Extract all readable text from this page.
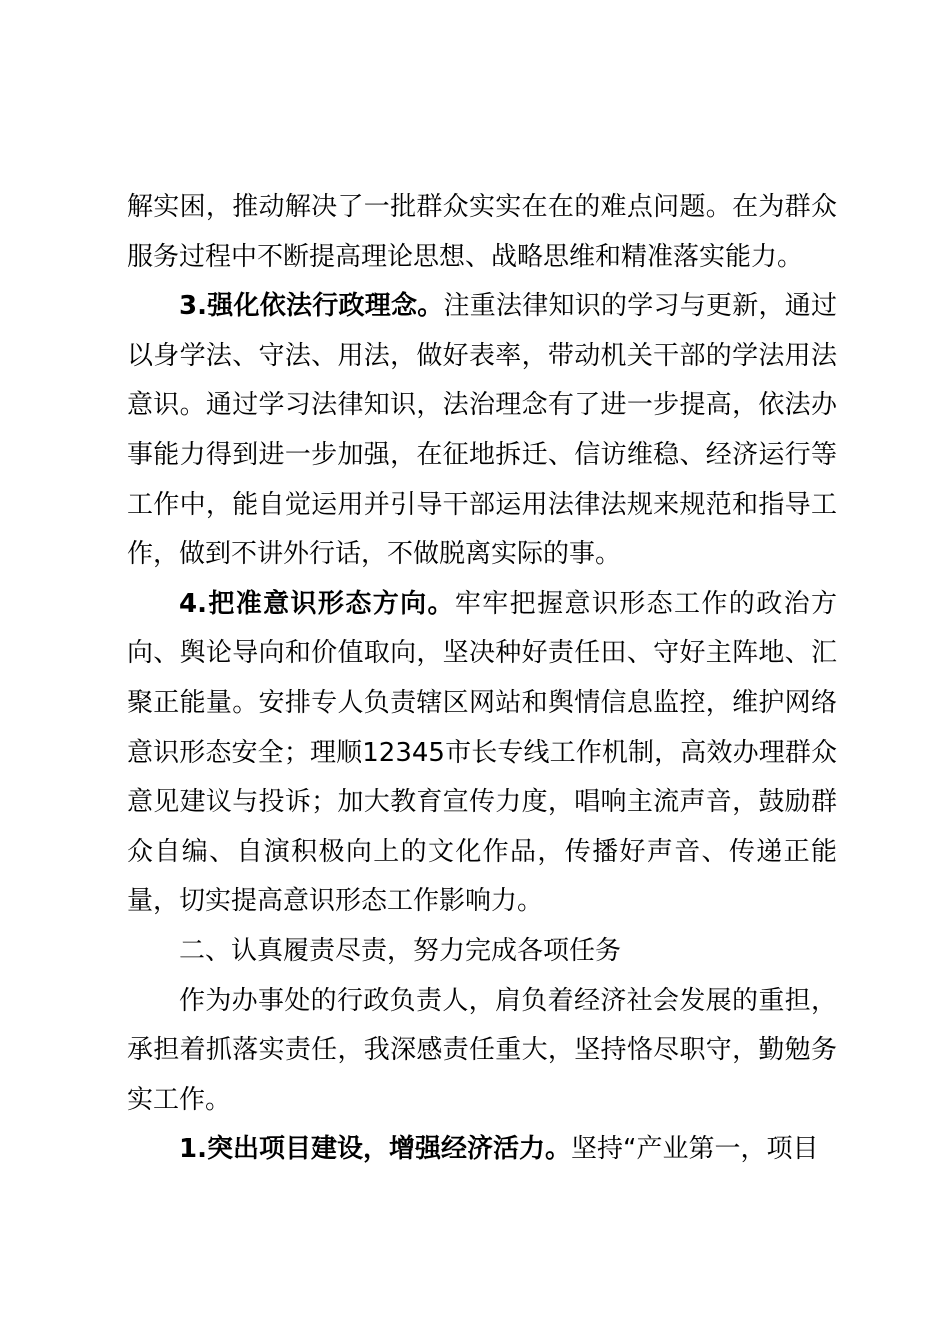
解实困，推动解决了一批群众实实在在的难点问题。在为群众服务过程中不断提高理论思想、战略思维和精准落实能力。

3.强化依法行政理念。注重法律知识的学习与更新，通过以身学法、守法、用法，做好表率，带动机关干部的学法用法意识。通过学习法律知识，法治理念有了进一步提高，依法办事能力得到进一步加强，在征地拆迁、信访维稳、经济运行等工作中，能自觉运用并引导干部运用法律法规来规范和指导工作，做到不讲外行话，不做脱离实际的事。

4.把准意识形态方向。牢牢把握意识形态工作的政治方向、舆论导向和价值取向，坚决种好责任田、守好主阵地、汇聚正能量。安排专人负责辖区网站和舆情信息监控，维护网络意识形态安全；理顺12345市长专线工作机制，高效办理群众意见建议与投诉；加大教育宣传力度，唱响主流声音，鼓励群众自编、自演积极向上的文化作品，传播好声音、传递正能量，切实提高意识形态工作影响力。

二、认真履责尽责，努力完成各项任务

作为办事处的行政负责人，肩负着经济社会发展的重担，承担着抓落实责任，我深感责任重大，坚持恪尽职守，勤勉务实工作。

1.突出项目建设，增强经济活力。坚持“产业第一，项目
